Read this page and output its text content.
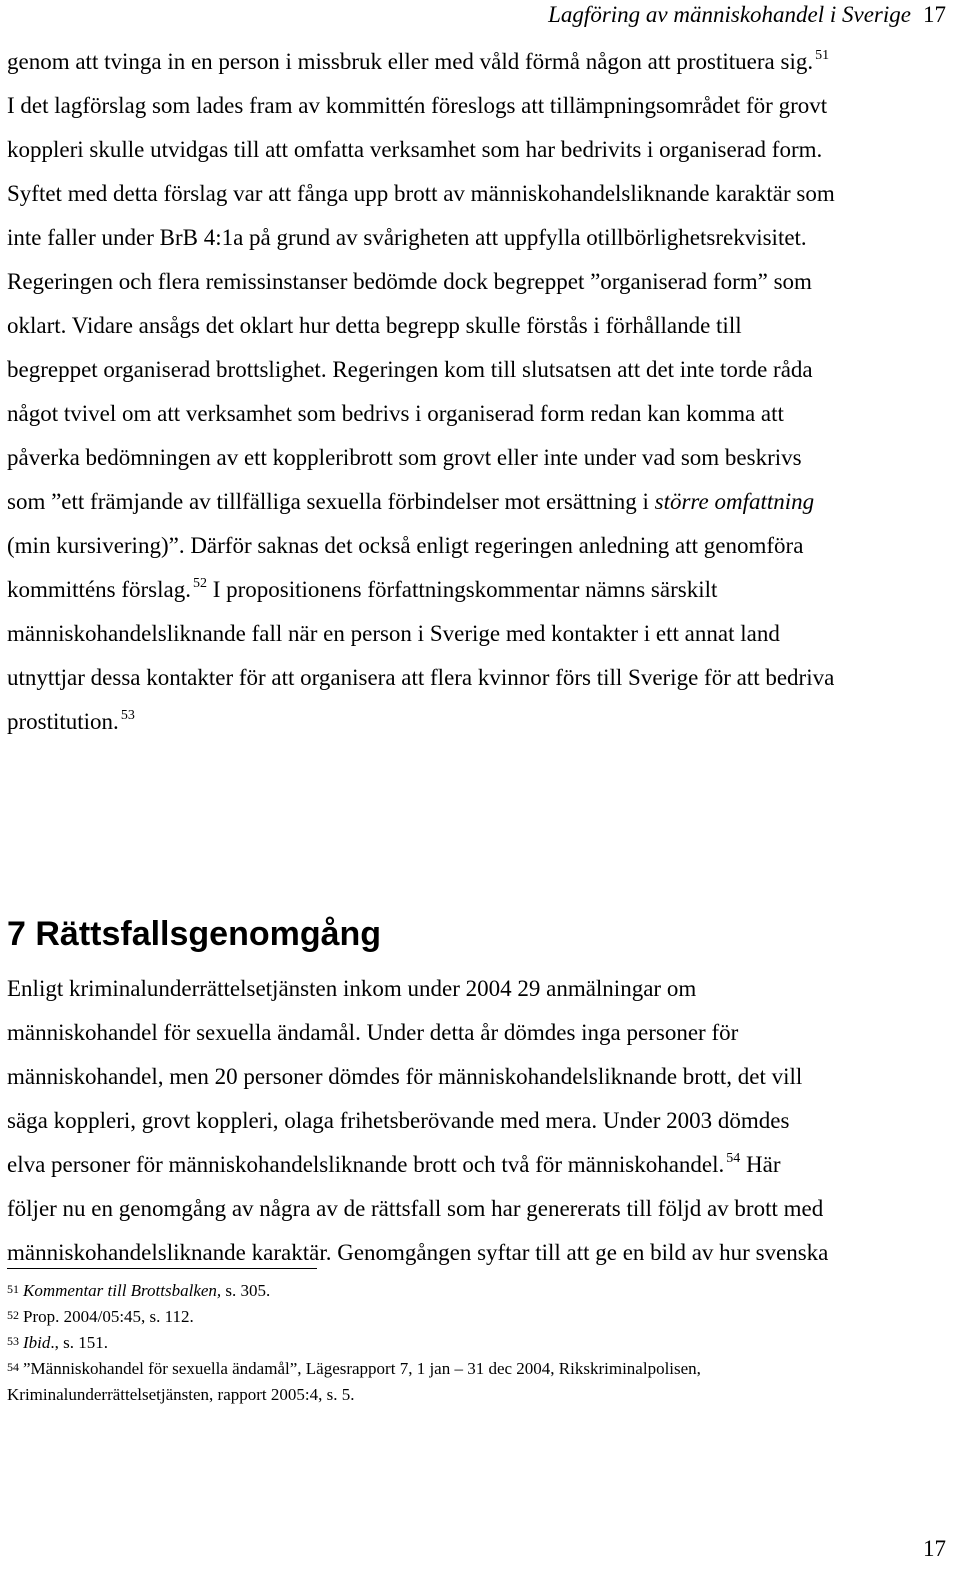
Lagföring av människohandel i Sverige 17
genom att tvinga in en person i missbruk eller med våld förmå någon att prostituera sig. $^{51}$
I det lagförslag som lades fram av kommittén föreslogs att tillämpningsområdet för grovt
koppleri skulle utvidgas till att omfatta verksamhet som har bedrivits i organiserad form.
Syftet med detta förslag var att fånga upp brott av människohandelsliknande karaktär som
inte faller under BrB 4:1a på grund av svårigheten att uppfylla otillbörlighetsrekvisitet.
Regeringen och flera remissinstanser bedömde dock begreppet ”organiserad form” som
oklart. Vidare ansågs det oklart hur detta begrepp skulle förstås i förhållande till
begreppet organiserad brottslighet. Regeringen kom till slutsatsen att det inte torde råda
något tvivel om att verksamhet som bedrivs i organiserad form redan kan komma att
påverka bedömningen av ett koppleribrott som grovt eller inte under vad som beskrivs
som ”ett främjande av tillfälliga sexuella förbindelser mot ersättning i större omfattning
(min kursivering)”. Därför saknas det också enligt regeringen anledning att genomföra
kommitténs förslag. $^{52}$ I propositionens författningskommentar nämns särskilt
människohandelsliknande fall när en person i Sverige med kontakter i ett annat land
utnyttjar dessa kontakter för att organisera att flera kvinnor förs till Sverige för att bedriva
prostitution. $^{53}$
7 Rättsfallsgenomgång
Enligt kriminalunderrättelsetjänsten inkom under 2004 29 anmälningar om
människohandel för sexuella ändamål. Under detta år dömdes inga personer för
människohandel, men 20 personer dömdes för människohandelsliknande brott, det vill
säga koppleri, grovt koppleri, olaga frihetsberövande med mera. Under 2003 dömdes
elva personer för människohandelsliknande brott och två för människohandel. $^{54}$ Här
följer nu en genomgång av några av de rättsfall som har genererats till följd av brott med
människohandelsliknande karaktär. Genomgången syftar till att ge en bild av hur svenska
$^{51}$ Kommentar till Brottsbalken, s. 305.
$^{52}$ Prop. 2004/05:45, s. 112.
$^{53}$ Ibid., s. 151.
$^{54}$ ”Människohandel för sexuella ändamål”, Lägesrapport 7, 1 jan – 31 dec 2004, Rikskriminalpolisen,
Kriminalunderrättelsetjänsten, rapport 2005:4, s. 5.
17
